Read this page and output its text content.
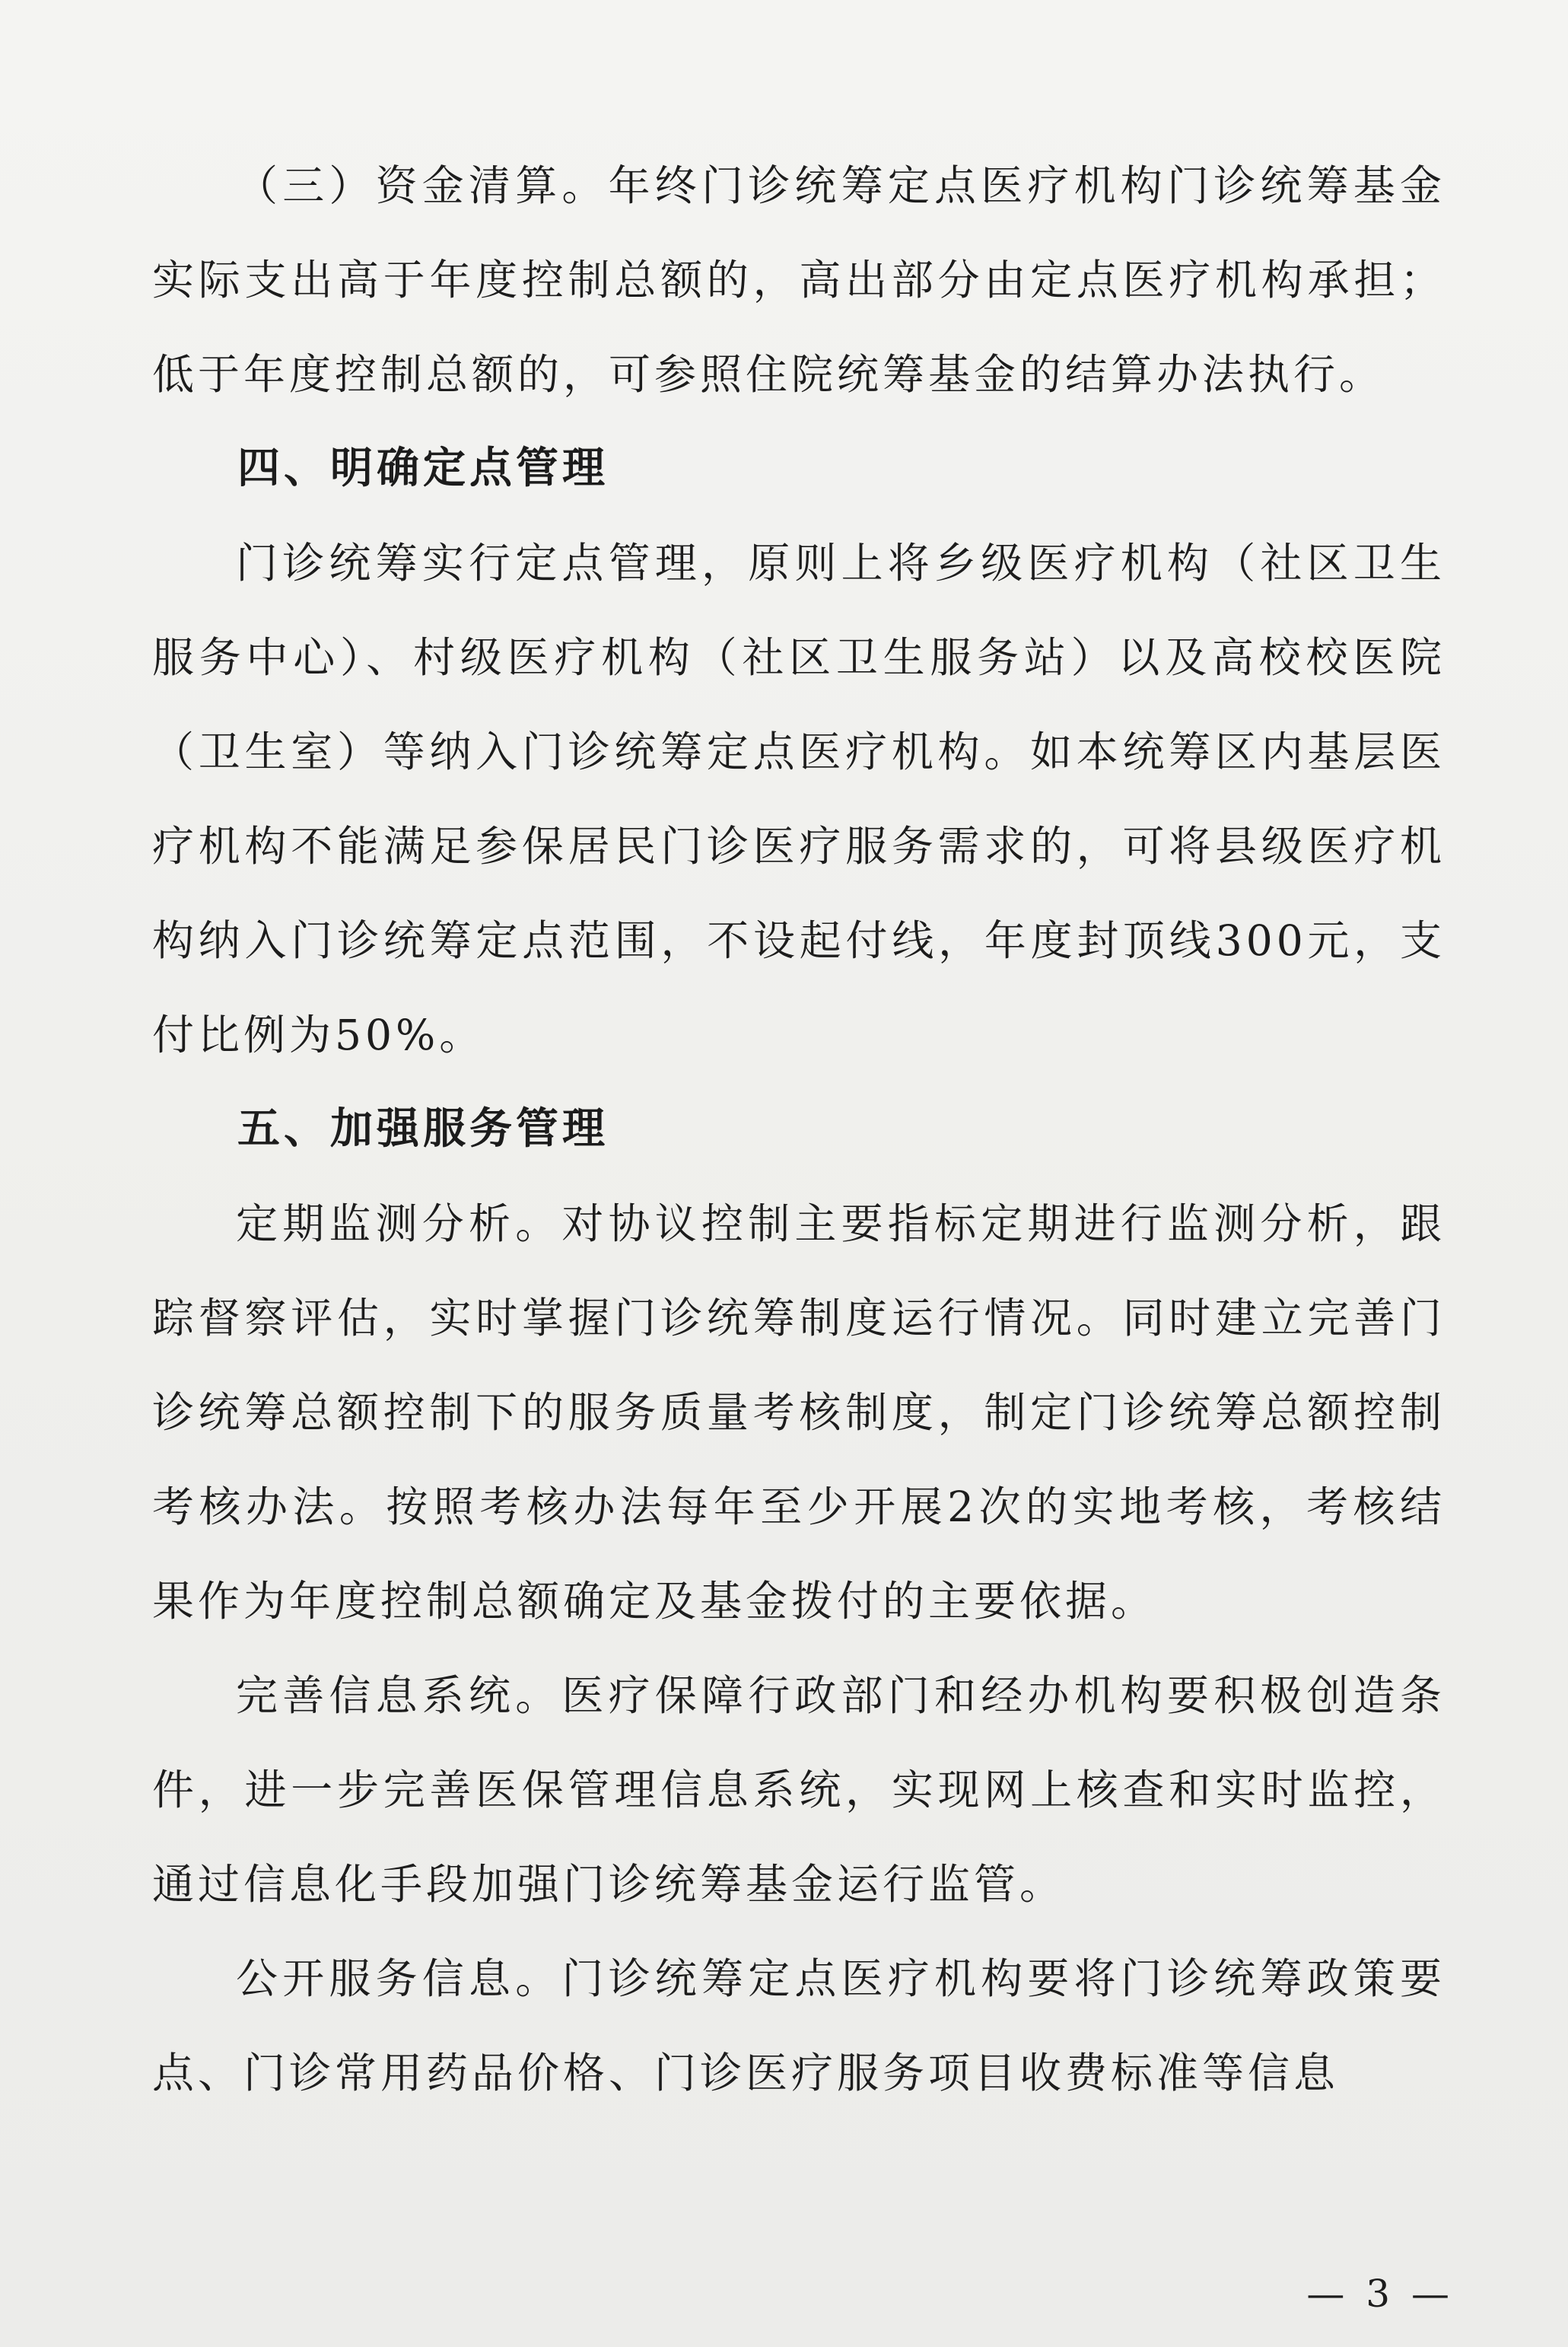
（三）资金清算。年终门诊统筹定点医疗机构门诊统筹基金实际支出高于年度控制总额的，高出部分由定点医疗机构承担；低于年度控制总额的，可参照住院统筹基金的结算办法执行。

四、明确定点管理

门诊统筹实行定点管理，原则上将乡级医疗机构（社区卫生服务中心）、村级医疗机构（社区卫生服务站）以及高校校医院（卫生室）等纳入门诊统筹定点医疗机构。如本统筹区内基层医疗机构不能满足参保居民门诊医疗服务需求的，可将县级医疗机构纳入门诊统筹定点范围，不设起付线，年度封顶线300元，支付比例为50%。

五、加强服务管理

定期监测分析。对协议控制主要指标定期进行监测分析，跟踪督察评估，实时掌握门诊统筹制度运行情况。同时建立完善门诊统筹总额控制下的服务质量考核制度，制定门诊统筹总额控制考核办法。按照考核办法每年至少开展2次的实地考核，考核结果作为年度控制总额确定及基金拨付的主要依据。

完善信息系统。医疗保障行政部门和经办机构要积极创造条件，进一步完善医保管理信息系统，实现网上核查和实时监控，通过信息化手段加强门诊统筹基金运行监管。

公开服务信息。门诊统筹定点医疗机构要将门诊统筹政策要点、门诊常用药品价格、门诊医疗服务项目收费标准等信息

— 3 —
